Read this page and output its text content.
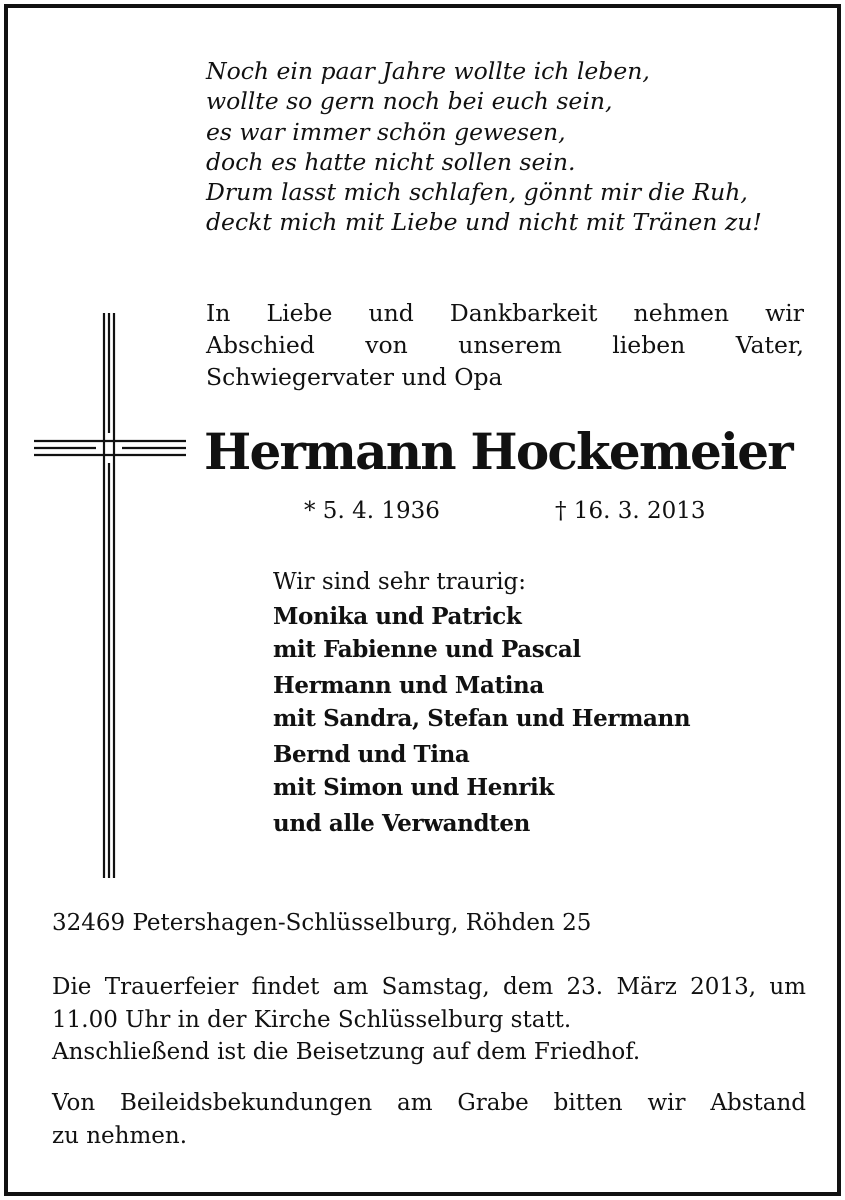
Noch ein paar Jahre wollte ich leben,
wollte so gern noch bei euch sein,
es war immer schön gewesen,
doch es hatte nicht sollen sein.
Drum lasst mich schlafen, gönnt mir die Ruh,
deckt mich mit Liebe und nicht mit Tränen zu!
In Liebe und Dankbarkeit nehmen wir
Abschied von unserem lieben Vater,
Schwiegervater und Opa
Hermann Hockemeier
* 5. 4. 1936	† 16. 3. 2013
Wir sind sehr traurig:
Monika und Patrick
mit Fabienne und Pascal
Hermann und Matina
mit Sandra, Stefan und Hermann
Bernd und Tina
mit Simon und Henrik
und alle Verwandten
32469 Petershagen-Schlüsselburg, Röhden 25
Die Trauerfeier findet am Samstag, dem 23. März 2013, um
11.00 Uhr in der Kirche Schlüsselburg statt.
Anschließend ist die Beisetzung auf dem Friedhof.
Von Beileidsbekundungen am Grabe bitten wir Abstand
zu nehmen.
